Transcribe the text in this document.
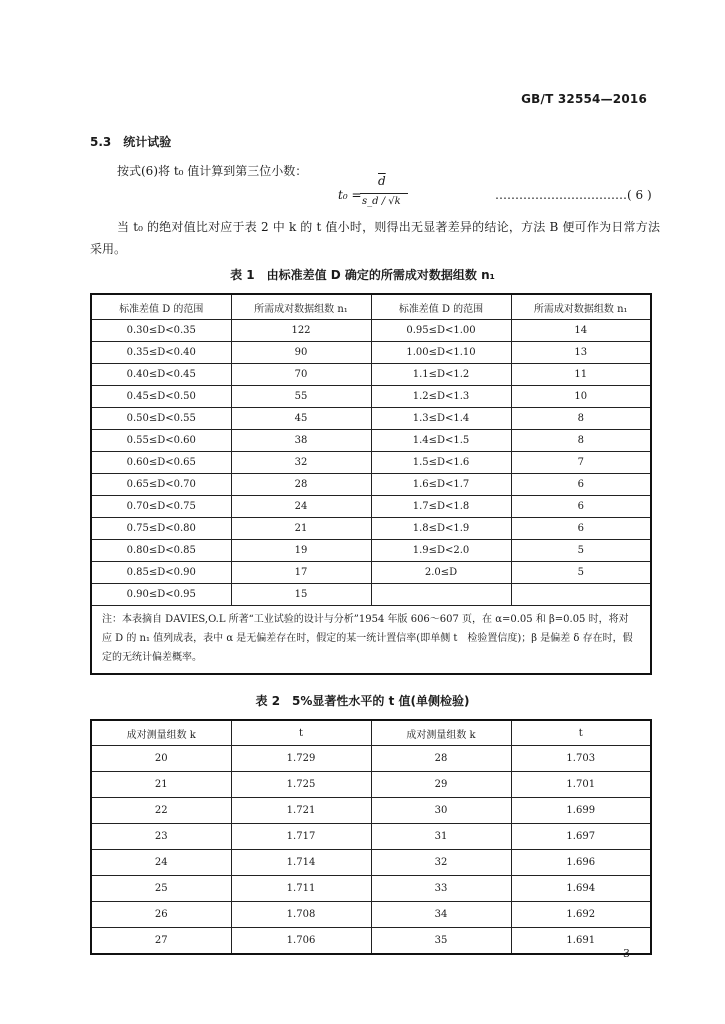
GB/T 32554—2016
5.3 统计试验
按式(6)将 t₀ 值计算到第三位小数：
t₀ =
$\overline{d}$
s_d / √k	……………………………( 6 )
当 t₀ 的绝对值比对应于表 2 中 k 的 t 值小时，则得出无显著差异的结论，方法 B 便可作为日常方法采用。
表 1　由标准差值 D 确定的所需成对数据组数 n₁
标准差值 D 的范围	所需成对数据组数 n₁	标准差值 D 的范围	所需成对数据组数 n₁
0.30≤D<0.35	122	0.95≤D<1.00	14
0.35≤D<0.40	90	1.00≤D<1.10	13
0.40≤D<0.45	70	1.1≤D<1.2	11
0.45≤D<0.50	55	1.2≤D<1.3	10
0.50≤D<0.55	45	1.3≤D<1.4	8
0.55≤D<0.60	38	1.4≤D<1.5	8
0.60≤D<0.65	32	1.5≤D<1.6	7
0.65≤D<0.70	28	1.6≤D<1.7	6
0.70≤D<0.75	24	1.7≤D<1.8	6
0.75≤D<0.80	21	1.8≤D<1.9	6
0.80≤D<0.85	19	1.9≤D<2.0	5
0.85≤D<0.90	17	2.0≤D	5
0.90≤D<0.95	15		
注：本表摘自 DAVIES,O.L 所著“工业试验的设计与分析”1954 年版 606～607 页，在 α=0.05 和 β=0.05 时，将对应 D 的 n₁ 值列成表，表中 α 是无偏差存在时，假定的某一统计置信率(即单侧 t　检验置信度)；β 是偏差 δ 存在时，假定的无统计偏差概率。			
表 2　5%显著性水平的 t 值(单侧检验)
成对测量组数 k	t	成对测量组数 k	t
20	1.729	28	1.703
21	1.725	29	1.701
22	1.721	30	1.699
23	1.717	31	1.697
24	1.714	32	1.696
25	1.711	33	1.694
26	1.708	34	1.692
27	1.706	35	1.691
3
